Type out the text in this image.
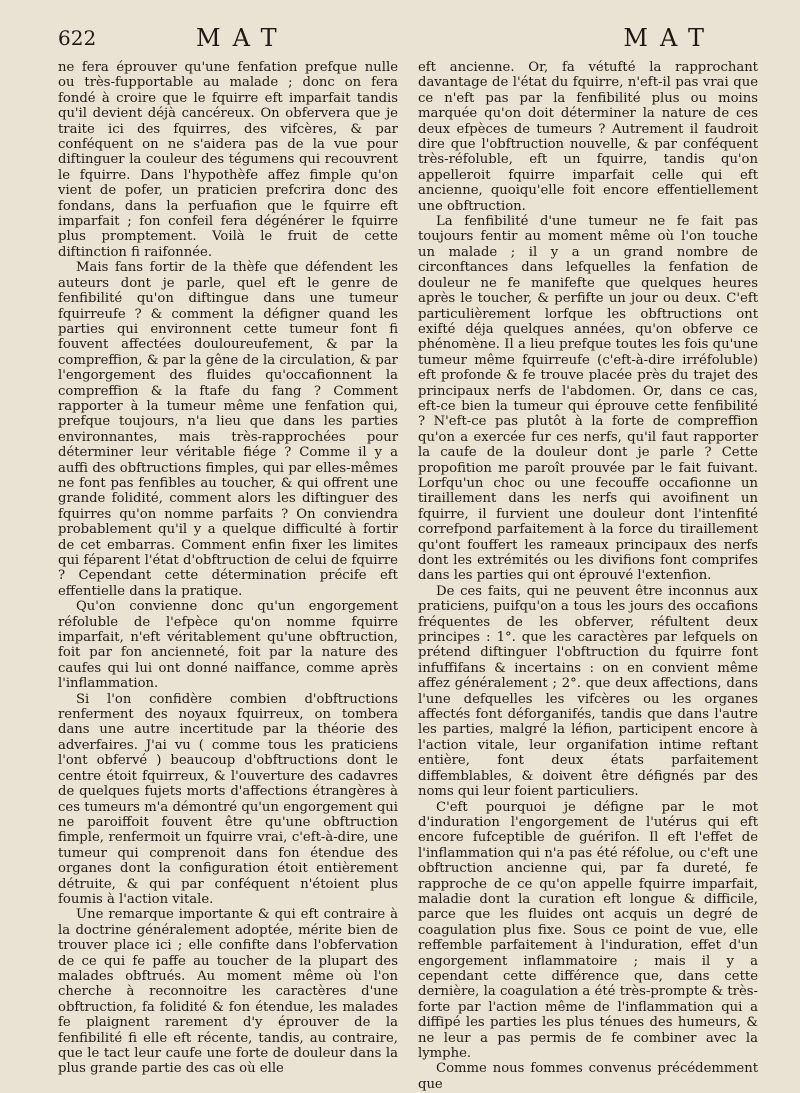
622	MAT	MAT

ne fera éprouver qu'une fenfation prefque nulle ou très-fupportable au malade ; donc on fera fondé à croire que le fquirre eft imparfait tandis qu'il devient déjà cancéreux. On obfervera que je traite ici des fquirres, des vifcères, & par conféquent on ne s'aidera pas de la vue pour diftinguer la couleur des tégumens qui recouvrent le fquirre. Dans l'hypothèfe affez fimple qu'on vient de pofer, un praticien prefcrira donc des fondans, dans la perfuafion que le fquirre eft imparfait ; fon confeil fera dégénérer le fquirre plus promptement. Voilà le fruit de cette diftinction fi raifonnée.

Mais fans fortir de la thèfe que défendent les auteurs dont je parle, quel eft le genre de fenfibilité qu'on diftingue dans une tumeur fquirreufe ? & comment la défigner quand les parties qui environnent cette tumeur font fi fouvent affectées douloureufement, & par la compreffion, & par la gêne de la circulation, & par l'engorgement des fluides qu'occafionnent la compreffion & la ftafe du fang ? Comment rapporter à la tumeur même une fenfation qui, prefque toujours, n'a lieu que dans les parties environnantes, mais très-rapprochées pour déterminer leur véritable fiége ? Comme il y a auffi des obftructions fimples, qui par elles-mêmes ne font pas fenfibles au toucher, & qui offrent une grande folidité, comment alors les diftinguer des fquirres qu'on nomme parfaits ? On conviendra probablement qu'il y a quelque difficulté à fortir de cet embarras. Comment enfin fixer les limites qui féparent l'état d'obftruction de celui de fquirre ? Cependant cette détermination précife eft effentielle dans la pratique.

Qu'on convienne donc qu'un engorgement réfoluble de l'efpèce qu'on nomme fquirre imparfait, n'eft véritablement qu'une obftruction, foit par fon ancienneté, foit par la nature des caufes qui lui ont donné naiffance, comme après l'inflammation.

Si l'on confidère combien d'obftructions renferment des noyaux fquirreux, on tombera dans une autre incertitude par la théorie des adverfaires. J'ai vu ( comme tous les praticiens l'ont obfervé ) beaucoup d'obftructions dont le centre étoit fquirreux, & l'ouverture des cadavres de quelques fujets morts d'affections étrangères à ces tumeurs m'a démontré qu'un engorgement qui ne paroiffoit fouvent être qu'une obftruction fimple, renfermoit un fquirre vrai, c'eft-à-dire, une tumeur qui comprenoit dans fon étendue des organes dont la configuration étoit entièrement détruite, & qui par conféquent n'étoient plus foumis à l'action vitale.

Une remarque importante & qui eft contraire à la doctrine généralement adoptée, mérite bien de trouver place ici ; elle confifte dans l'obfervation de ce qui fe paffe au toucher de la plupart des malades obftrués. Au moment même où l'on cherche à reconnoitre les caractères d'une obftruction, fa folidité & fon étendue, les malades fe plaignent rarement d'y éprouver de la fenfibilité fi elle eft récente, tandis, au contraire, que le tact leur caufe une forte de douleur dans la plus grande partie des cas où elle

eft ancienne. Or, fa vétufté la rapprochant davantage de l'état du fquirre, n'eft-il pas vrai que ce n'eft pas par la fenfibilité plus ou moins marquée qu'on doit déterminer la nature de ces deux efpèces de tumeurs ? Autrement il faudroit dire que l'obftruction nouvelle, & par conféquent très-réfoluble, eft un fquirre, tandis qu'on appelleroit fquirre imparfait celle qui eft ancienne, quoiqu'elle foit encore effentiellement une obftruction.

La fenfibilité d'une tumeur ne fe fait pas toujours fentir au moment même où l'on touche un malade ; il y a un grand nombre de circonftances dans lefquelles la fenfation de douleur ne fe manifefte que quelques heures après le toucher, & perfifte un jour ou deux. C'eft particulièrement lorfque les obftructions ont exifté déja quelques années, qu'on obferve ce phénomène. Il a lieu prefque toutes les fois qu'une tumeur même fquirreufe (c'eft-à-dire irréfoluble) eft profonde & fe trouve placée près du trajet des principaux nerfs de l'abdomen. Or, dans ce cas, eft-ce bien la tumeur qui éprouve cette fenfibilité ? N'eft-ce pas plutôt à la forte de compreffion qu'on a exercée fur ces nerfs, qu'il faut rapporter la caufe de la douleur dont je parle ? Cette propofition me paroît prouvée par le fait fuivant. Lorfqu'un choc ou une fecouffe occafionne un tiraillement dans les nerfs qui avoifinent un fquirre, il furvient une douleur dont l'intenfité correfpond parfaitement à la force du tiraillement qu'ont fouffert les rameaux principaux des nerfs dont les extrémités ou les divifions font comprifes dans les parties qui ont éprouvé l'extenfion.

De ces faits, qui ne peuvent être inconnus aux praticiens, puifqu'on a tous les jours des occafions fréquentes de les obferver, réfultent deux principes : 1°. que les caractères par lefquels on prétend diftinguer l'obftruction du fquirre font infuffifans & incertains : on en convient même affez généralement ; 2°. que deux affections, dans l'une defquelles les vifcères ou les organes affectés font déforganifés, tandis que dans l'autre les parties, malgré la léfion, participent encore à l'action vitale, leur organifation intime reftant entière, font deux états parfaitement diffemblables, & doivent être défignés par des noms qui leur foient particuliers.

C'eft pourquoi je défigne par le mot d'induration l'engorgement de l'utérus qui eft encore fufceptible de guérifon. Il eft l'effet de l'inflammation qui n'a pas été réfolue, ou c'eft une obftruction ancienne qui, par fa dureté, fe rapproche de ce qu'on appelle fquirre imparfait, maladie dont la curation eft longue & difficile, parce que les fluides ont acquis un degré de coagulation plus fixe. Sous ce point de vue, elle reffemble parfaitement à l'induration, effet d'un engorgement inflammatoire ; mais il y a cependant cette différence que, dans cette dernière, la coagulation a été très-prompte & très-forte par l'action même de l'inflammation qui a diffipé les parties les plus ténues des humeurs, & ne leur a pas permis de fe combiner avec la lymphe.

Comme nous fommes convenus précédemment que
